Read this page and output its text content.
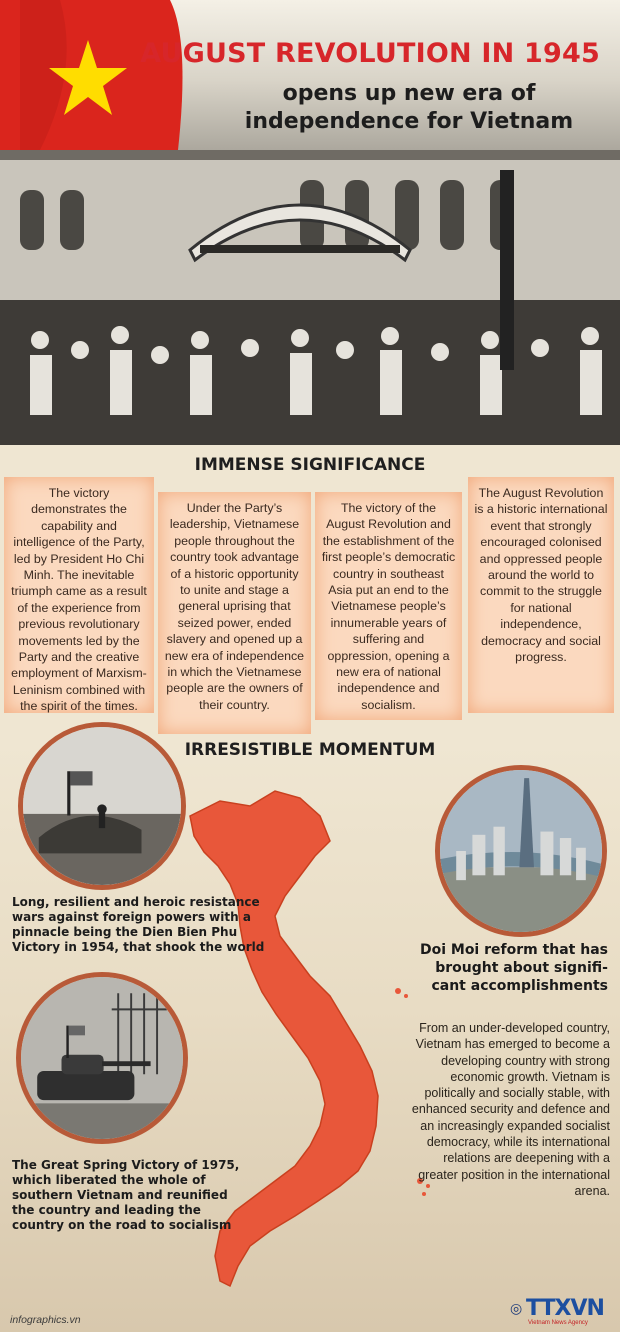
AUGUST REVOLUTION IN 1945

opens up new era of independence for Vietnam

IMMENSE SIGNIFICANCE
The victory demonstrates the capability and intelligence of the Party, led by President Ho Chi Minh. The inevitable triumph came as a result of the experience from previous revolutionary movements led by the Party and the creative employment of Marxism-Leninism combined with the spirit of the times.
Under the Party’s leadership, Vietnamese people throughout the country took advantage of a historic opportunity to unite and stage a general uprising that seized power, ended slavery and opened up a new era of independence in which the Vietnamese people are the owners of their country.
The victory of the August Revolution and the establishment of the first people’s democratic country in southeast Asia put an end to the Vietnamese people’s innumerable years of suffering and oppression, opening a new era of national independence and socialism.
The August Revolution is a historic international event that strongly encouraged colonised and oppressed people around the world to commit to the struggle for national independence, democracy and social progress.
IRRESISTIBLE MOMENTUM

Long, resilient and heroic resistance wars against foreign powers with a pinnacle being the Dien Bien Phu Victory in 1954, that shook the world

The Great Spring Victory of 1975, which liberated the whole of southern Vietnam and reunified the country and leading the country on the road to socialism

Doi Moi reform that has brought about signifi-cant accomplishments

From an under-developed country, Vietnam has emerged to become a developing country with strong economic growth. Vietnam is politically and socially stable, with enhanced security and defence and an increasingly expanded socialist democracy, while its international relations are deepening with a greater position in the international arena.

infographics.vn
◎ TTXVN
Vietnam News Agency
